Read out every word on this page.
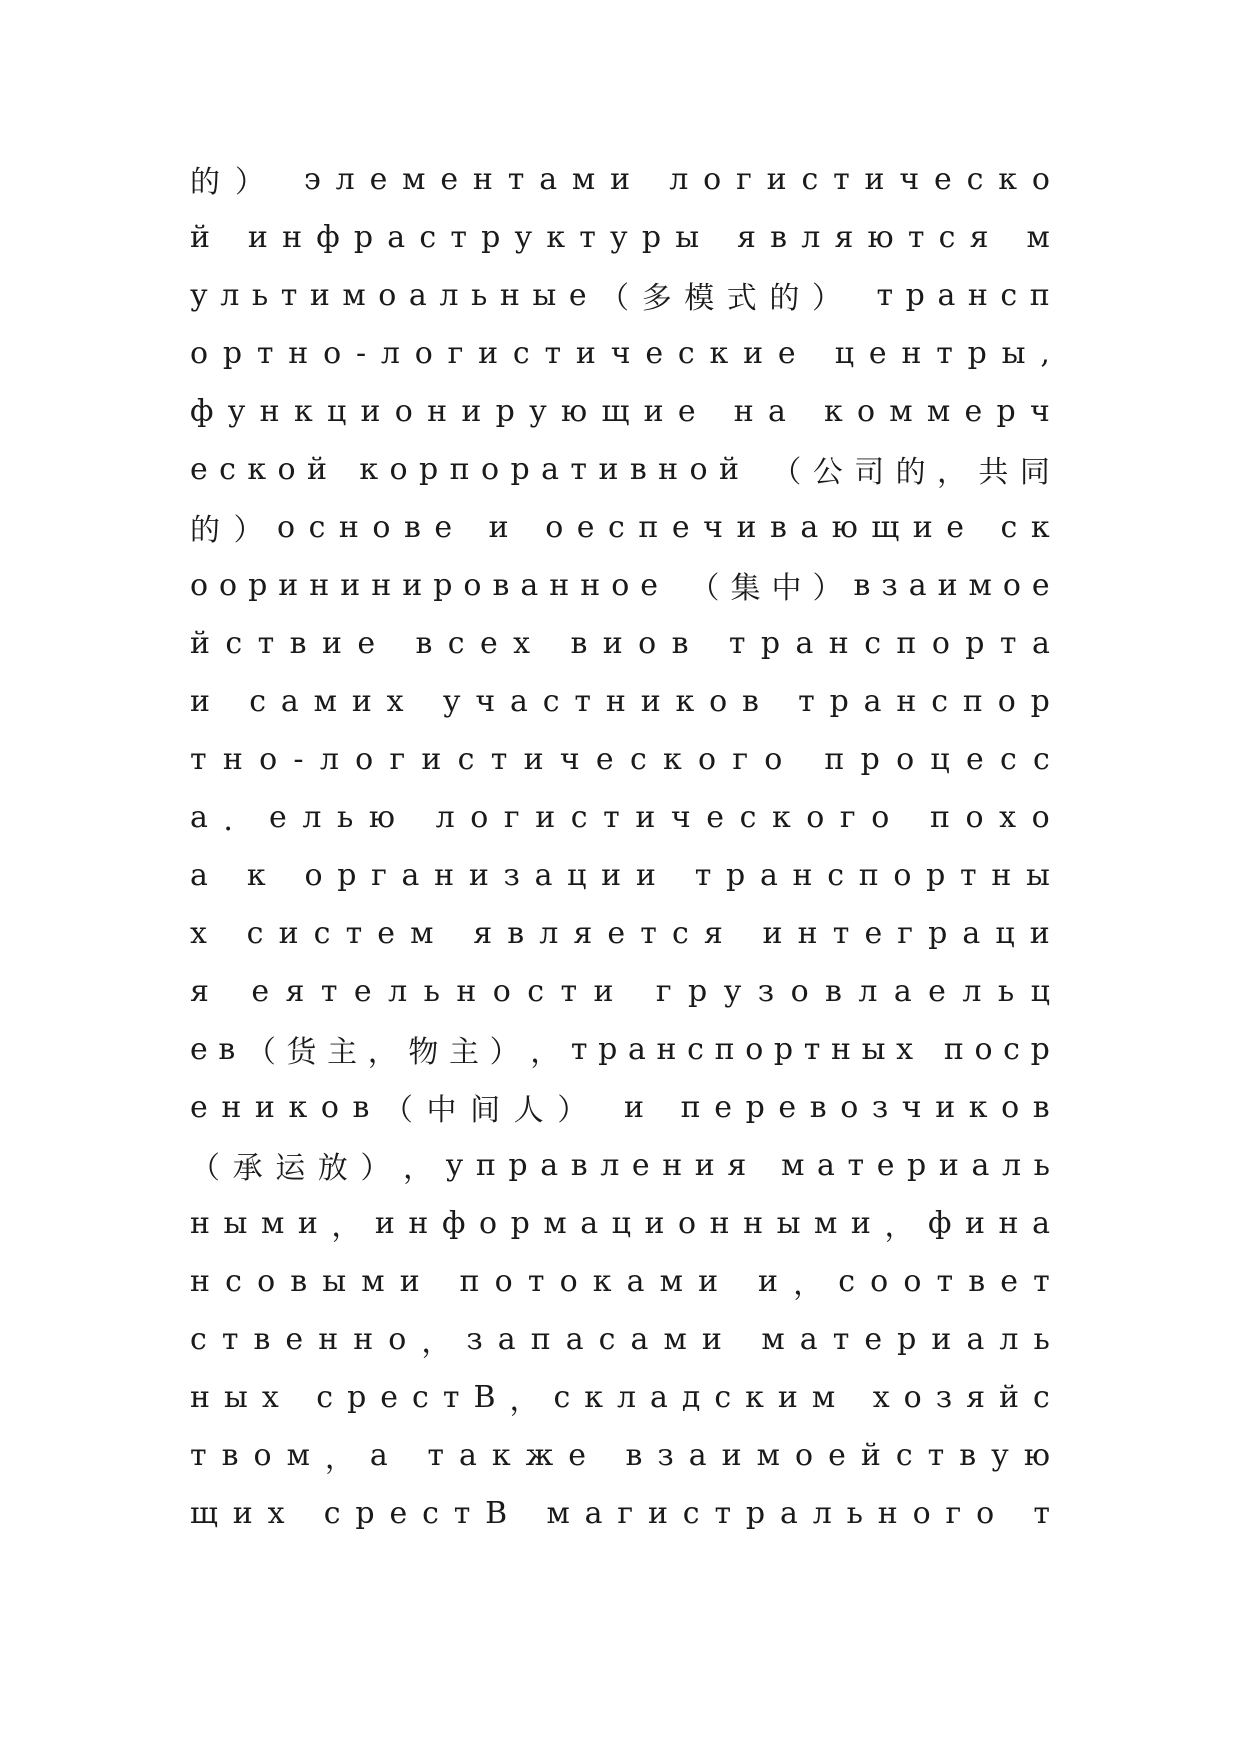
的 ）
э л е м е н т а м и
л о г и с т и ч е с к о
й
и н ф р а с т р у к т у р ы
я в л я ю т с я
м
у л ь т и м о а л ь н ы е （ 多 模 式 的 ）
т р а н с п
о р т н о - л о г и с т и ч е с к и е
ц е н т р ы ,
ф у н к ц и о н и р у ю щ и е
н а
к о м м е р ч
е с к о й
к о р п о р а т и в н о й
（ 公 司 的 ， 共 同
的 ） о с н о в е
и
о е с п е ч и в а ю щ и е
с к
о о р и н и н и р о в а н н о е
（ 集 中 ） в з а и м о е
й с т в и е
в с е х
в и о в
т р а н с п о р т а
и
с а м и х
у ч а с т н и к о в
т р а н с п о р
т н о - л о г и с т и ч е с к о г о
п р о ц е с с
а ． е л ь ю
л о г и с т и ч е с к о г о
п о х о
а
к
о р г а н и з а ц и и
т р а н с п о р т н ы
х
с и с т е м
я в л я е т с я
и н т е г р а ц и
я
е я т е л ь н о с т и
г р у з о в л а е л ь ц
е в （ 货 主 ， 物 主 ） ， т р а н с п о р т н ы х
п о с р
е н и к о в （ 中 间 人 ）
и
п е р е в о з ч и к о в
（ 承 运 放 ） ， у п р а в л е н и я
м а т е р и а л ь
н ы м и ， и н ф о р м а ц и о н н ы м и ， ф и н а
н с о в ы м и
п о т о к а м и
и ， с о о т в е т
с т в е н н о ， з а п а с а м и
м а т е р и а л ь
н ы х
с р е с т В ， с к л а д с к и м
х о з я й с
т в о м ， а
т а к ж е
в з а и м о е й с т в у ю
щ и х
с р е с т В
м а г и с т р а л ь н о г о
т
